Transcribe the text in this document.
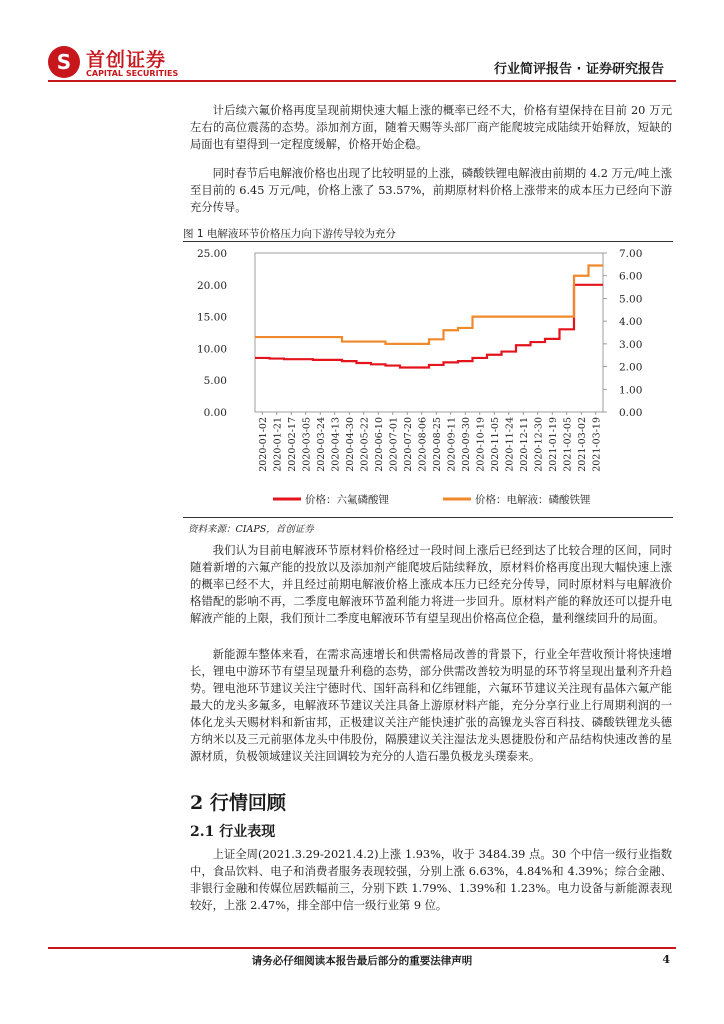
S 首创证券
CAPITAL SECURITIES	行业简评报告 · 证券研究报告

计后续六氟价格再度呈现前期快速大幅上涨的概率已经不大，价格有望保持在目前 20 万元左右的高位震荡的态势。添加剂方面，随着天赐等头部厂商产能爬坡完成陆续开始释放，短缺的局面也有望得到一定程度缓解，价格开始企稳。

同时春节后电解液价格也出现了比较明显的上涨，磷酸铁锂电解液由前期的 4.2 万元/吨上涨至目前的 6.45 万元/吨，价格上涨了 53.57%，前期原材料价格上涨带来的成本压力已经向下游充分传导。

图 1 电解液环节价格压力向下游传导较为充分
0.00
5.00
10.00
15.00
20.00
25.00
0.00
1.00
2.00
3.00
4.00
5.00
6.00
7.00
2020-01-02 2020-01-21 2020-02-17 2020-03-05 2020-03-24 2020-04-13 2020-04-30 2020-05-22 2020-06-10 2020-07-01 2020-07-20 2020-08-06 2020-08-25 2020-09-11 2020-09-30 2020-10-19 2020-11-05 2020-11-24 2020-12-11 2020-12-30 2021-01-19 2021-02-05 2021-03-02 2021-03-19
价格：六氟磷酸锂	价格：电解液：磷酸铁锂
资料来源：CIAPS，首创证券

我们认为目前电解液环节原材料价格经过一段时间上涨后已经到达了比较合理的区间，同时随着新增的六氟产能的投放以及添加剂产能爬坡后陆续释放，原材料价格再度出现大幅快速上涨的概率已经不大，并且经过前期电解液价格上涨成本压力已经充分传导，同时原材料与电解液价格错配的影响不再，二季度电解液环节盈利能力将进一步回升。原材料产能的释放还可以提升电解液产能的上限，我们预计二季度电解液环节有望呈现出价格高位企稳，量利继续回升的局面。

新能源车整体来看，在需求高速增长和供需格局改善的背景下，行业全年营收预计将快速增长，锂电中游环节有望呈现量升利稳的态势，部分供需改善较为明显的环节将呈现出量利齐升趋势。锂电池环节建议关注宁德时代、国轩高科和亿纬锂能，六氟环节建议关注现有晶体六氟产能最大的龙头多氟多，电解液环节建议关注具备上游原材料产能，充分分享行业上行周期利润的一体化龙头天赐材料和新宙邦，正极建议关注产能快速扩张的高镍龙头容百科技、磷酸铁锂龙头德方纳米以及三元前驱体龙头中伟股份，隔膜建议关注湿法龙头恩捷股份和产品结构快速改善的星源材质，负极领域建议关注回调较为充分的人造石墨负极龙头璞泰来。

2 行情回顾
2.1 行业表现

上证全周(2021.3.29-2021.4.2)上涨 1.93%，收于 3484.39 点。30 个中信一级行业指数中，食品饮料、电子和消费者服务表现较强，分别上涨 6.63%，4.84%和 4.39%；综合金融、非银行金融和传媒位居跌幅前三，分别下跌 1.79%、1.39%和 1.23%。电力设备与新能源表现较好，上涨 2.47%，排全部中信一级行业第 9 位。

请务必仔细阅读本报告最后部分的重要法律声明	4
